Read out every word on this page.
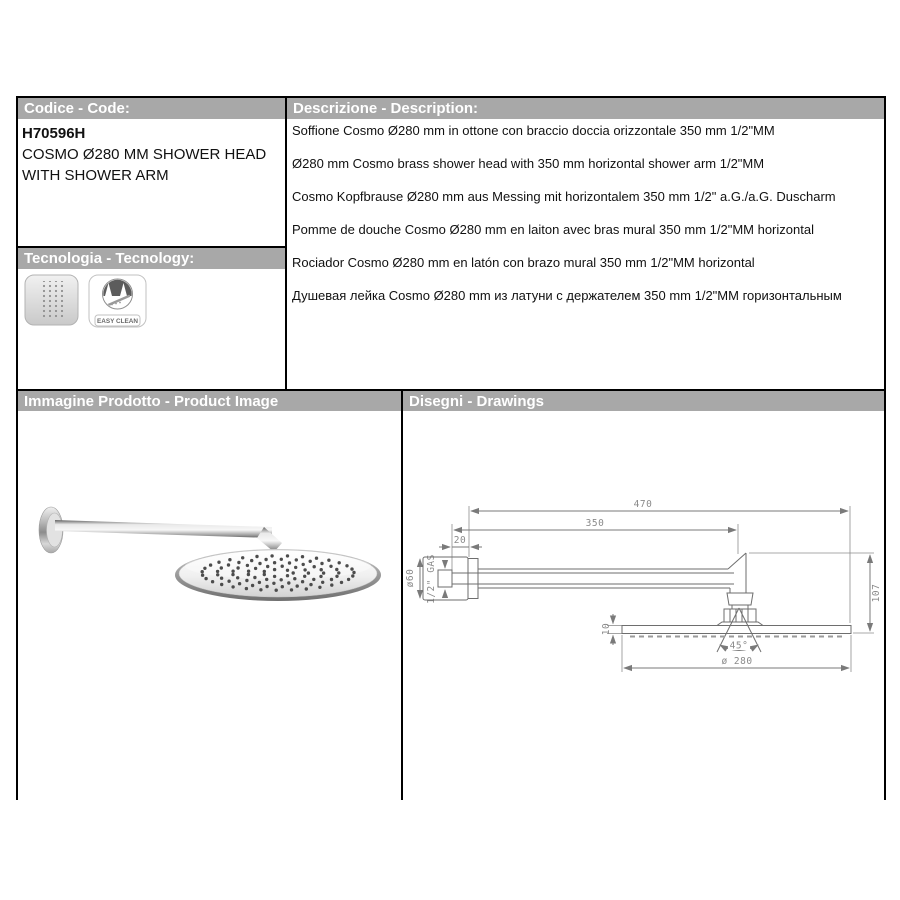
Codice - Code:	Descrizione - Description:
Tecnologia - Tecnology:
Immagine Prodotto - Product Image	Disegni - Drawings
H70596H
COSMO Ø280 MM SHOWER HEAD WITH SHOWER ARM

Soffione Cosmo Ø280 mm in ottone con braccio doccia orizzontale 350 mm 1/2"MM

Ø280 mm Cosmo brass shower head with 350 mm horizontal shower arm 1/2"MM

Cosmo Kopfbrause Ø280 mm aus Messing mit horizontalem 350 mm 1/2" a.G./a.G. Duscharm

Pomme de douche Cosmo Ø280 mm en laiton avec bras mural 350 mm 1/2"MM horizontal

Rociador Cosmo Ø280 mm en latón con brazo mural 350 mm 1/2"MM horizontal

Душевая лейка Cosmo Ø280 mm из латуни с держателем 350 mm 1/2"MM горизонтальным

EASY CLEAN
470
350
20
ø60 1/2" GAS	107
10
ø 280
45°
